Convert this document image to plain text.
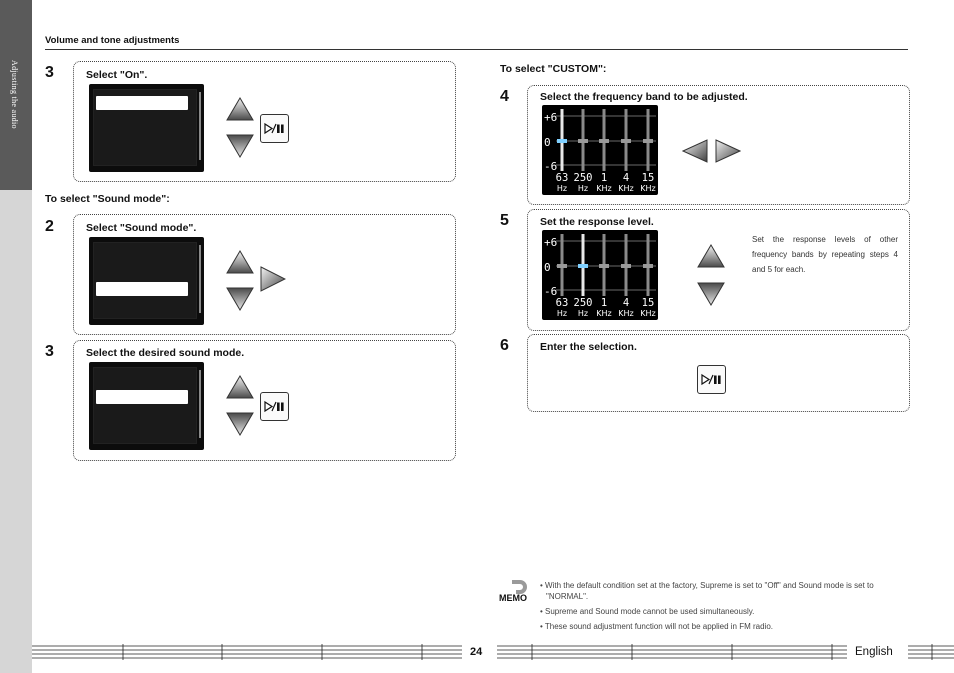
Adjusting the audio
Volume and tone adjustments
3	Select "On".
To select "Sound mode":
2	Select "Sound mode".
3	Select the desired sound mode.
To select "CUSTOM":
4	Select the frequency band to be adjusted.
+6
0
-6
63
Hz
250
Hz
1
KHz
4
KHz
15
KHz
5	Set the response level.
+6
0
-6
63
Hz
250
Hz
1
KHz
4
KHz
15
KHz
Set the response levels of other frequency bands by repeating steps 4 and 5 for each.
6	Enter the selection.
MEMO

• With the default condition set at the factory, Supreme is set to "Off" and Sound mode is set to "NORMAL".

• Supreme and Sound mode cannot be used simultaneously.

• These sound adjustment function will not be applied in FM radio.

24	English
